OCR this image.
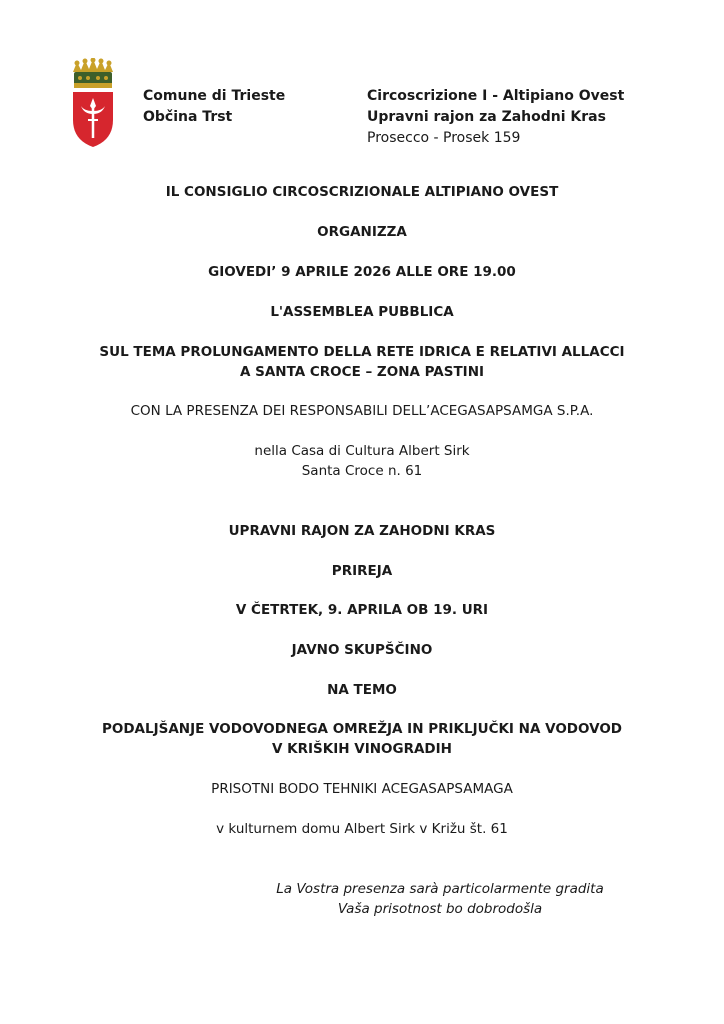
Comune di Trieste
Občina Trst
Circoscrizione I - Altipiano Ovest
Upravni rajon za Zahodni Kras
Prosecco - Prosek 159
IL CONSIGLIO CIRCOSCRIZIONALE ALTIPIANO OVEST
ORGANIZZA
GIOVEDI’ 9 APRILE 2026 ALLE ORE 19.00
L'ASSEMBLEA PUBBLICA
SUL TEMA PROLUNGAMENTO DELLA RETE IDRICA E RELATIVI ALLACCI
A SANTA CROCE – ZONA PASTINI
CON LA PRESENZA DEI RESPONSABILI DELL’ACEGASAPSAMGA S.P.A.
nella Casa di Cultura Albert Sirk
Santa Croce n. 61
UPRAVNI RAJON ZA ZAHODNI KRAS
PRIREJA
V ČETRTEK, 9. APRILA OB 19. URI
JAVNO SKUPŠČINO
NA TEMO
PODALJŠANJE VODOVODNEGA OMREŽJA IN PRIKLJUČKI NA VODOVOD
V KRIŠKIH VINOGRADIH
PRISOTNI BODO TEHNIKI ACEGASAPSAMAGA
v kulturnem domu Albert Sirk v Križu št. 61
La Vostra presenza sarà particolarmente gradita
Vaša prisotnost bo dobrodošla
